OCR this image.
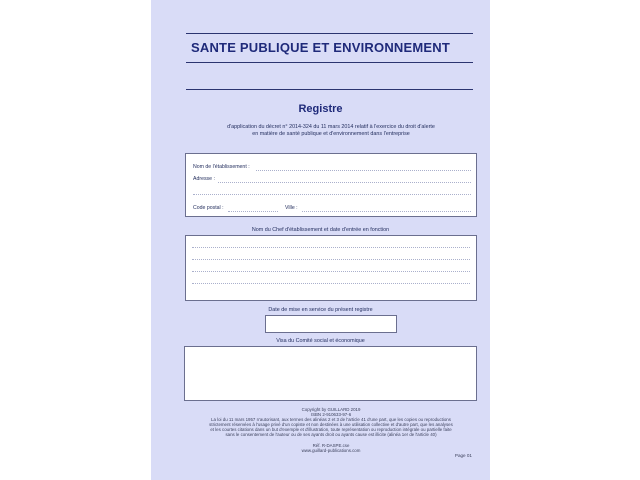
SANTE PUBLIQUE ET ENVIRONNEMENT
Registre
d'application du décret n° 2014-324 du 11 mars 2014 relatif à l'exercice du droit d'alerte
en matière de santé publique et d'environnement dans l'entreprise
Nom de l'établissement :
Adresse :
Code postal :	Ville :
Nom du Chef d'établissement et date d'entrée en fonction
Date de mise en service du présent registre
Visa du Comité social et économique
Copyright by GUILLARD 2019
ISBN 2-910633-97-6
La loi du 11 mars 1957 n'autorisant, aux termes des alinéas 2 et 3 de l'article 41 d'une part, que les copies ou reproductions
strictement réservées à l'usage privé d'un copiste et non destinées à une utilisation collective et d'autre part, que les analyses
et les courtes citations dans un but d'exemple et d'illustration, toute représentation ou reproduction intégrale ou partielle faite
sans le consentement de l'auteur ou de ses ayants droit ou ayants cause est illicite (alinéa 1er de l'article 40)
Réf. R-DASPE.cse
www.guillard-publications.com
Page 01
